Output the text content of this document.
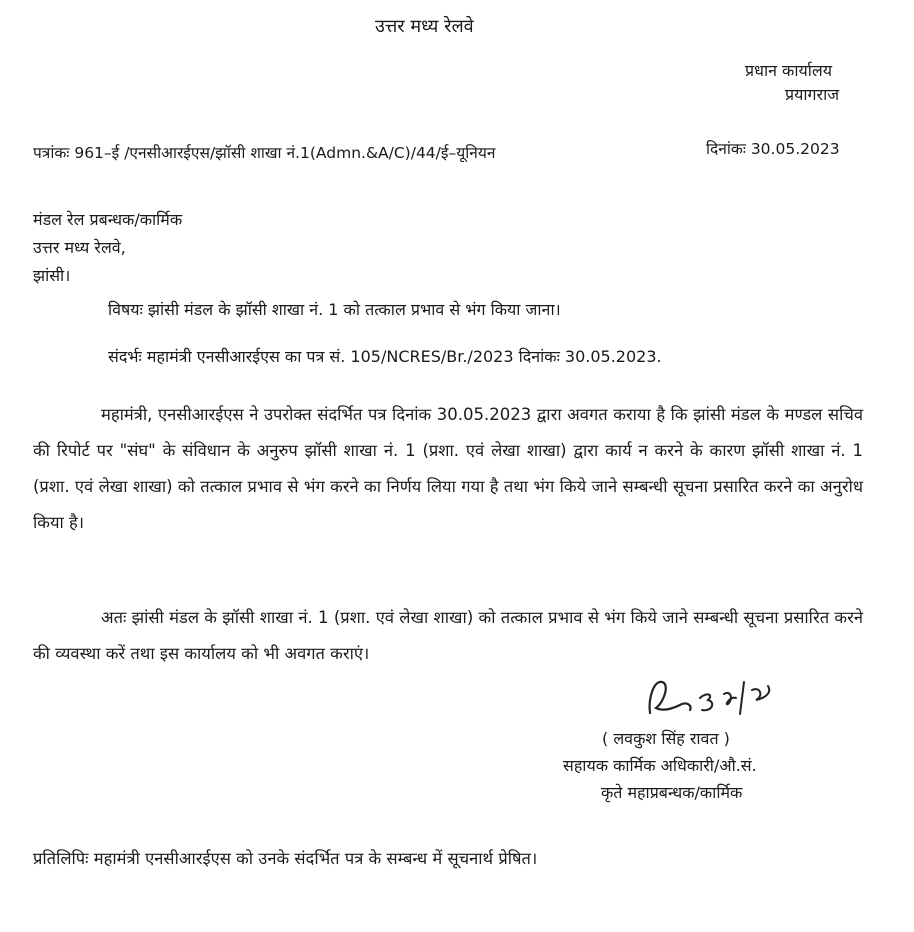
उत्तर मध्य रेलवे
प्रधान कार्यालय
प्रयागराज
पत्रांकः 961–ई /एनसीआरईएस/झॉसी शाखा नं.1(Admn.&A/C)/44/ई–यूनियन	दिनांकः 30.05.2023
मंडल रेल प्रबन्धक/कार्मिक
उत्तर मध्य रेलवे,
झांसी।
विषयः झांसी मंडल के झॉसी शाखा नं. 1 को तत्काल प्रभाव से भंग किया जाना।
संदर्भः महामंत्री एनसीआरईएस का पत्र सं. 105/NCRES/Br./2023 दिनांकः 30.05.2023.
महामंत्री, एनसीआरईएस ने उपरोक्त संदर्भित पत्र दिनांक 30.05.2023 द्वारा अवगत कराया है कि झांसी मंडल के मण्डल सचिव की रिपोर्ट पर "संघ" के संविधान के अनुरुप झॉसी शाखा नं. 1 (प्रशा. एवं लेखा शाखा) द्वारा कार्य न करने के कारण झॉसी शाखा नं. 1 (प्रशा. एवं लेखा शाखा) को तत्काल प्रभाव से भंग करने का निर्णय लिया गया है तथा भंग किये जाने सम्बन्धी सूचना प्रसारित करने का अनुरोध किया है।
अतः झांसी मंडल के झॉसी शाखा नं. 1 (प्रशा. एवं लेखा शाखा) को तत्काल प्रभाव से भंग किये जाने सम्बन्धी सूचना प्रसारित करने की व्यवस्था करें तथा इस कार्यालय को भी अवगत कराएं।
( लवकुश सिंह रावत )
सहायक कार्मिक अधिकारी/औ.सं.
कृते महाप्रबन्धक/कार्मिक
प्रतिलिपिः महामंत्री एनसीआरईएस को उनके संदर्भित पत्र के सम्बन्ध में सूचनार्थ प्रेषित।
